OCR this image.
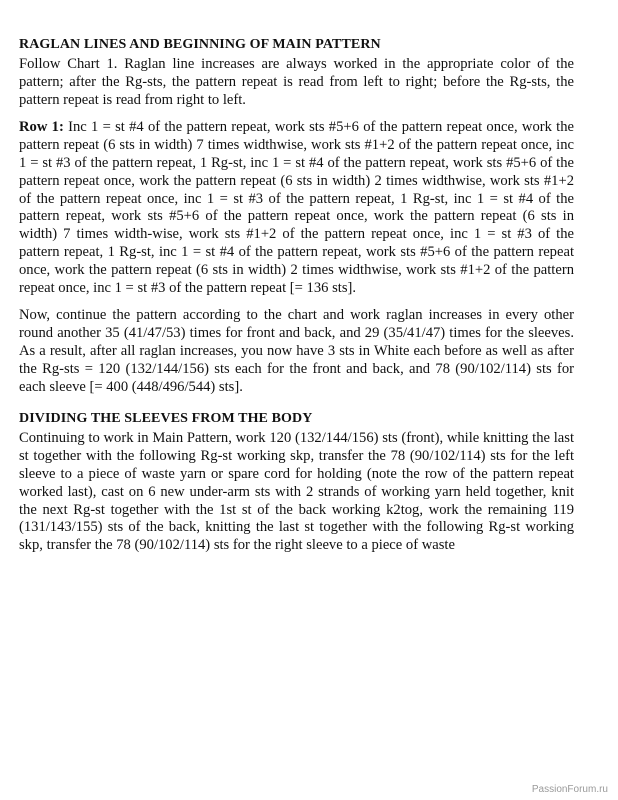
RAGLAN LINES AND BEGINNING OF MAIN PATTERN

Follow Chart 1. Raglan line increases are always worked in the appropriate color of the pattern; after the Rg-sts, the pattern repeat is read from left to right; before the Rg-sts, the pattern repeat is read from right to left.

Row 1: Inc 1 = st #4 of the pattern repeat, work sts #5+6 of the pattern repeat once, work the pattern repeat (6 sts in width) 7 times widthwise, work sts #1+2 of the pattern repeat once, inc 1 = st #3 of the pattern repeat, 1 Rg-st, inc 1 = st #4 of the pattern repeat, work sts #5+6 of the pattern repeat once, work the pattern repeat (6 sts in width) 2 times widthwise, work sts #1+2 of the pattern repeat once, inc 1 = st #3 of the pattern repeat, 1 Rg-st, inc 1 = st #4 of the pattern repeat, work sts #5+6 of the pattern repeat once, work the pattern repeat (6 sts in width) 7 times width-wise, work sts #1+2 of the pattern repeat once, inc 1 = st #3 of the pattern repeat, 1 Rg-st, inc 1 = st #4 of the pattern repeat, work sts #5+6 of the pattern repeat once, work the pattern repeat (6 sts in width) 2 times widthwise, work sts #1+2 of the pattern repeat once, inc 1 = st #3 of the pattern repeat [= 136 sts].

Now, continue the pattern according to the chart and work raglan increases in every other round another 35 (41/47/53) times for front and back, and 29 (35/41/47) times for the sleeves. As a result, after all raglan increases, you now have 3 sts in White each before as well as after the Rg-sts = 120 (132/144/156) sts each for the front and back, and 78 (90/102/114) sts for each sleeve [= 400 (448/496/544) sts].

DIVIDING THE SLEEVES FROM THE BODY

Continuing to work in Main Pattern, work 120 (132/144/156) sts (front), while knitting the last st together with the following Rg-st working skp, transfer the 78 (90/102/114) sts for the left sleeve to a piece of waste yarn or spare cord for holding (note the row of the pattern repeat worked last), cast on 6 new under-arm sts with 2 strands of working yarn held together, knit the next Rg-st together with the 1st st of the back working k2tog, work the remaining 119 (131/143/155) sts of the back, knitting the last st together with the following Rg-st working skp, transfer the 78 (90/102/114) sts for the right sleeve to a piece of waste

PassionForum.ru
